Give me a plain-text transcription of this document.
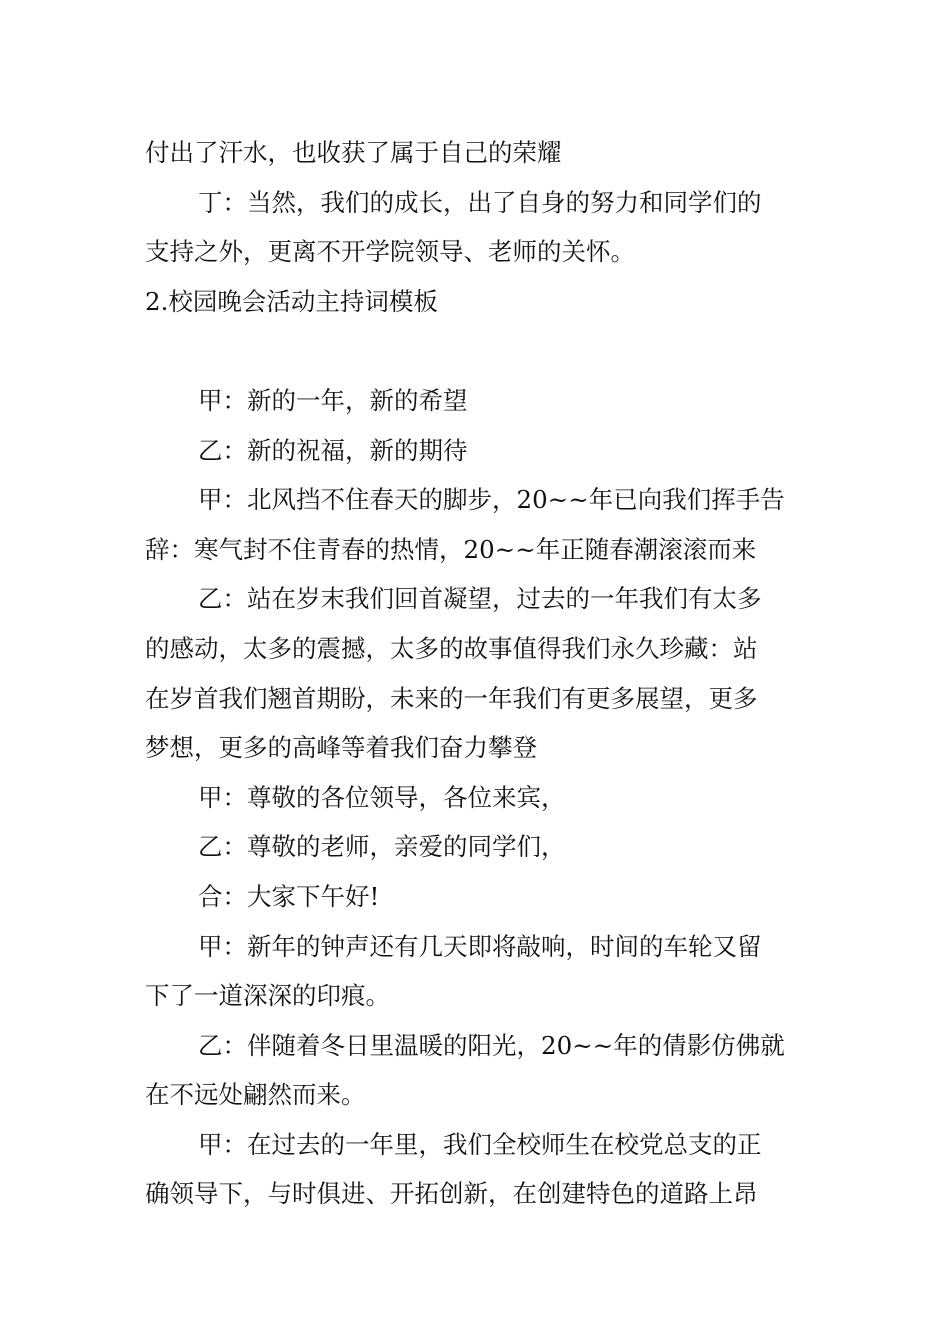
付出了汗水，也收获了属于自己的荣耀
丁：当然，我们的成长，出了自身的努力和同学们的
支持之外，更离不开学院领导、老师的关怀。
2.校园晚会活动主持词模板
甲：新的一年，新的希望
乙：新的祝福，新的期待
甲：北风挡不住春天的脚步，20~~年已向我们挥手告
辞：寒气封不住青春的热情，20~~年正随春潮滚滚而来
乙：站在岁末我们回首凝望，过去的一年我们有太多
的感动，太多的震撼，太多的故事值得我们永久珍藏：站
在岁首我们翘首期盼，未来的一年我们有更多展望，更多
梦想，更多的高峰等着我们奋力攀登
甲：尊敬的各位领导，各位来宾，
乙：尊敬的老师，亲爱的同学们，
合：大家下午好!
甲：新年的钟声还有几天即将敲响，时间的车轮又留
下了一道深深的印痕。
乙：伴随着冬日里温暖的阳光，20~~年的倩影仿佛就
在不远处翩然而来。
甲：在过去的一年里，我们全校师生在校党总支的正
确领导下，与时俱进、开拓创新，在创建特色的道路上昂
